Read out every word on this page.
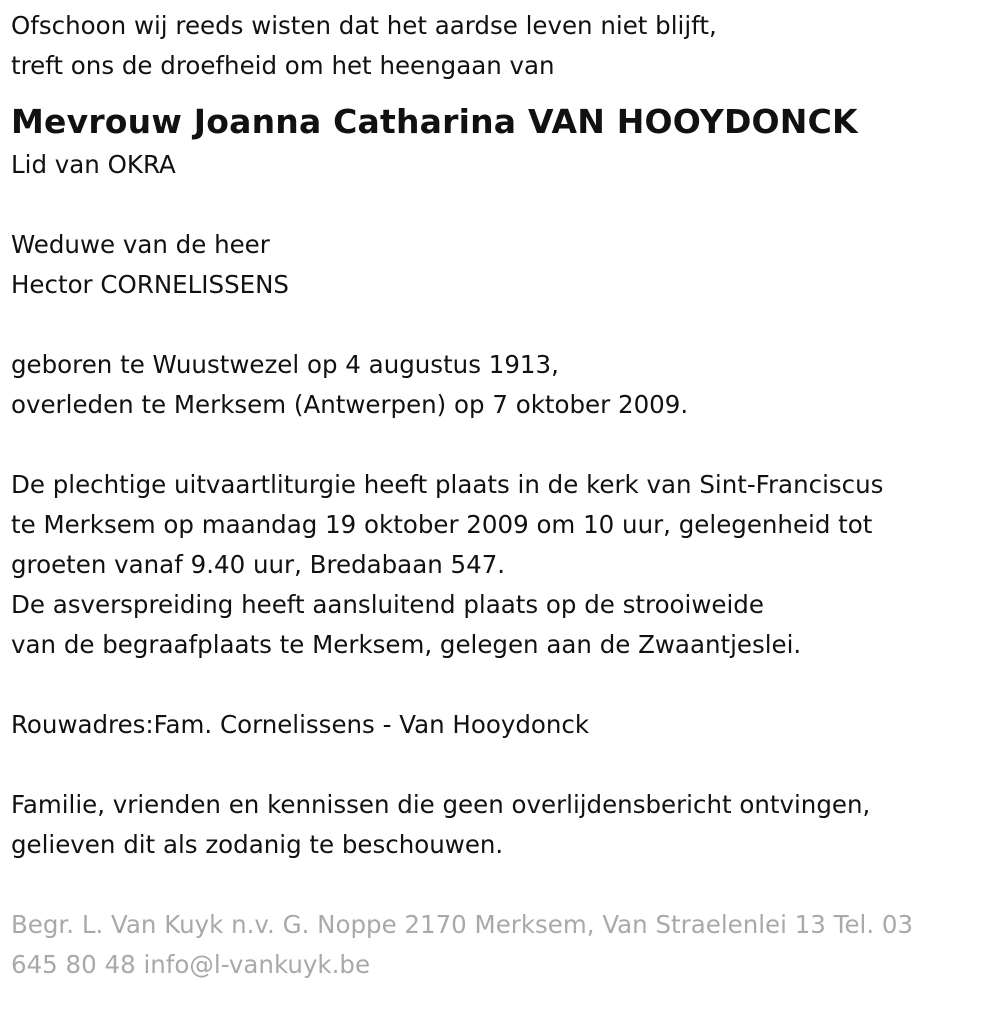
Ofschoon wij reeds wisten dat het aardse leven niet blijft,
treft ons de droefheid om het heengaan van
Mevrouw Joanna Catharina VAN HOOYDONCK
Lid van OKRA
Weduwe van de heer
Hector CORNELISSENS
geboren te Wuustwezel op 4 augustus 1913,
overleden te Merksem (Antwerpen) op 7 oktober 2009.
De plechtige uitvaartliturgie heeft plaats in de kerk van Sint-Franciscus
te Merksem op maandag 19 oktober 2009 om 10 uur, gelegenheid tot
groeten vanaf 9.40 uur, Bredabaan 547.
De asverspreiding heeft aansluitend plaats op de strooiweide
van de begraafplaats te Merksem, gelegen aan de Zwaantjeslei.
Rouwadres:Fam. Cornelissens - Van Hooydonck
Familie, vrienden en kennissen die geen overlijdensbericht ontvingen,
gelieven dit als zodanig te beschouwen.
Begr. L. Van Kuyk n.v. G. Noppe 2170 Merksem, Van Straelenlei 13 Tel. 03
645 80 48 info@l-vankuyk.be
